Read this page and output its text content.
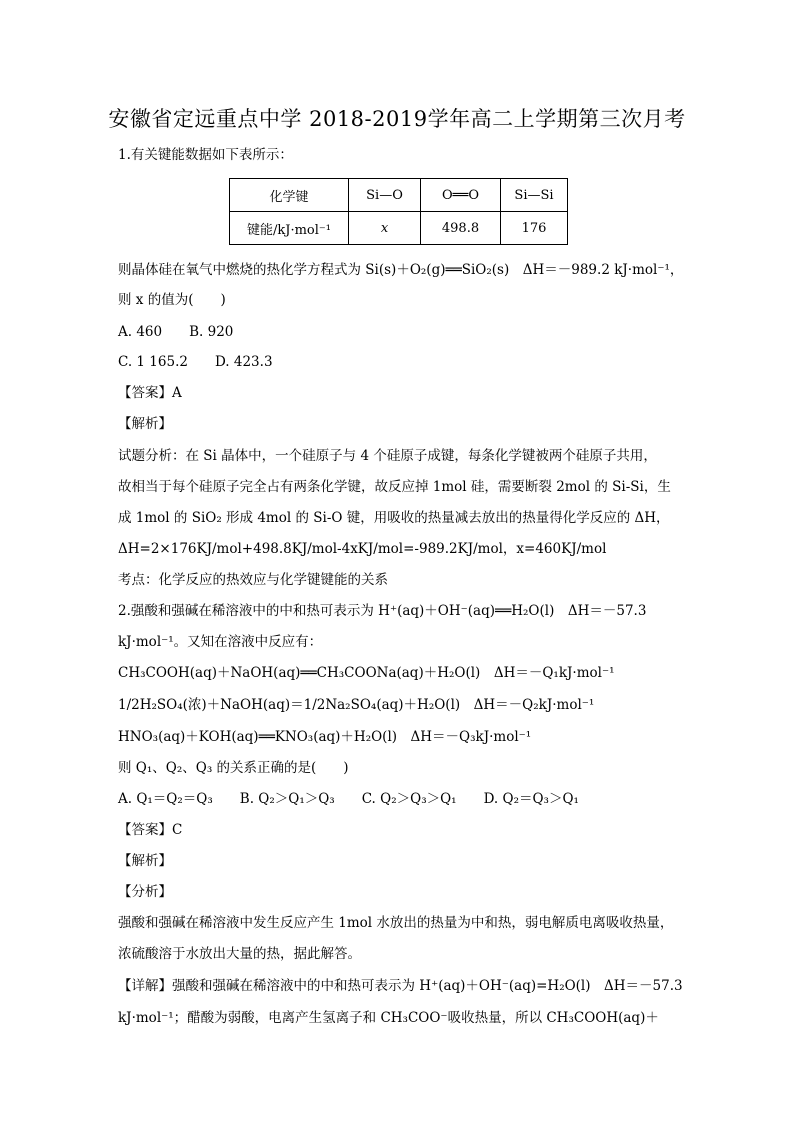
安徽省定远重点中学 2018-2019学年高二上学期第三次月考
1.有关键能数据如下表所示：
化学键	Si—O	O══O	Si—Si
键能/kJ·mol⁻¹	x	498.8	176
则晶体硅在氧气中燃烧的热化学方程式为 Si(s)＋O₂(g)══SiO₂(s)　ΔH＝－989.2 kJ·mol⁻¹，
则 x 的值为(　　)
A. 460　　B. 920
C. 1 165.2　　D. 423.3
【答案】A
【解析】
试题分析：在 Si 晶体中，一个硅原子与 4 个硅原子成键，每条化学键被两个硅原子共用，
故相当于每个硅原子完全占有两条化学键，故反应掉 1mol 硅，需要断裂 2mol 的 Si-Si，生
成 1mol 的 SiO₂ 形成 4mol 的 Si-O 键，用吸收的热量减去放出的热量得化学反应的 ΔH，
ΔH=2×176KJ/mol+498.8KJ/mol-4xKJ/mol=-989.2KJ/mol，x=460KJ/mol
考点：化学反应的热效应与化学键键能的关系
2.强酸和强碱在稀溶液中的中和热可表示为 H⁺(aq)＋OH⁻(aq)══H₂O(l)　ΔH＝－57.3
kJ·mol⁻¹。又知在溶液中反应有：
CH₃COOH(aq)＋NaOH(aq)══CH₃COONa(aq)＋H₂O(l)　ΔH＝－Q₁kJ·mol⁻¹
1/2H₂SO₄(浓)＋NaOH(aq)＝1/2Na₂SO₄(aq)＋H₂O(l)　ΔH＝－Q₂kJ·mol⁻¹
HNO₃(aq)＋KOH(aq)══KNO₃(aq)＋H₂O(l)　ΔH＝－Q₃kJ·mol⁻¹
则 Q₁、Q₂、Q₃ 的关系正确的是(　　)
A. Q₁＝Q₂＝Q₃　　B. Q₂＞Q₁＞Q₃　　C. Q₂＞Q₃＞Q₁　　D. Q₂＝Q₃＞Q₁
【答案】C
【解析】
【分析】
强酸和强碱在稀溶液中发生反应产生 1mol 水放出的热量为中和热，弱电解质电离吸收热量，
浓硫酸溶于水放出大量的热，据此解答。
【详解】强酸和强碱在稀溶液中的中和热可表示为 H⁺(aq)＋OH⁻(aq)=H₂O(l)　ΔH＝－57.3
kJ·mol⁻¹；醋酸为弱酸，电离产生氢离子和 CH₃COO⁻吸收热量，所以 CH₃COOH(aq)＋
